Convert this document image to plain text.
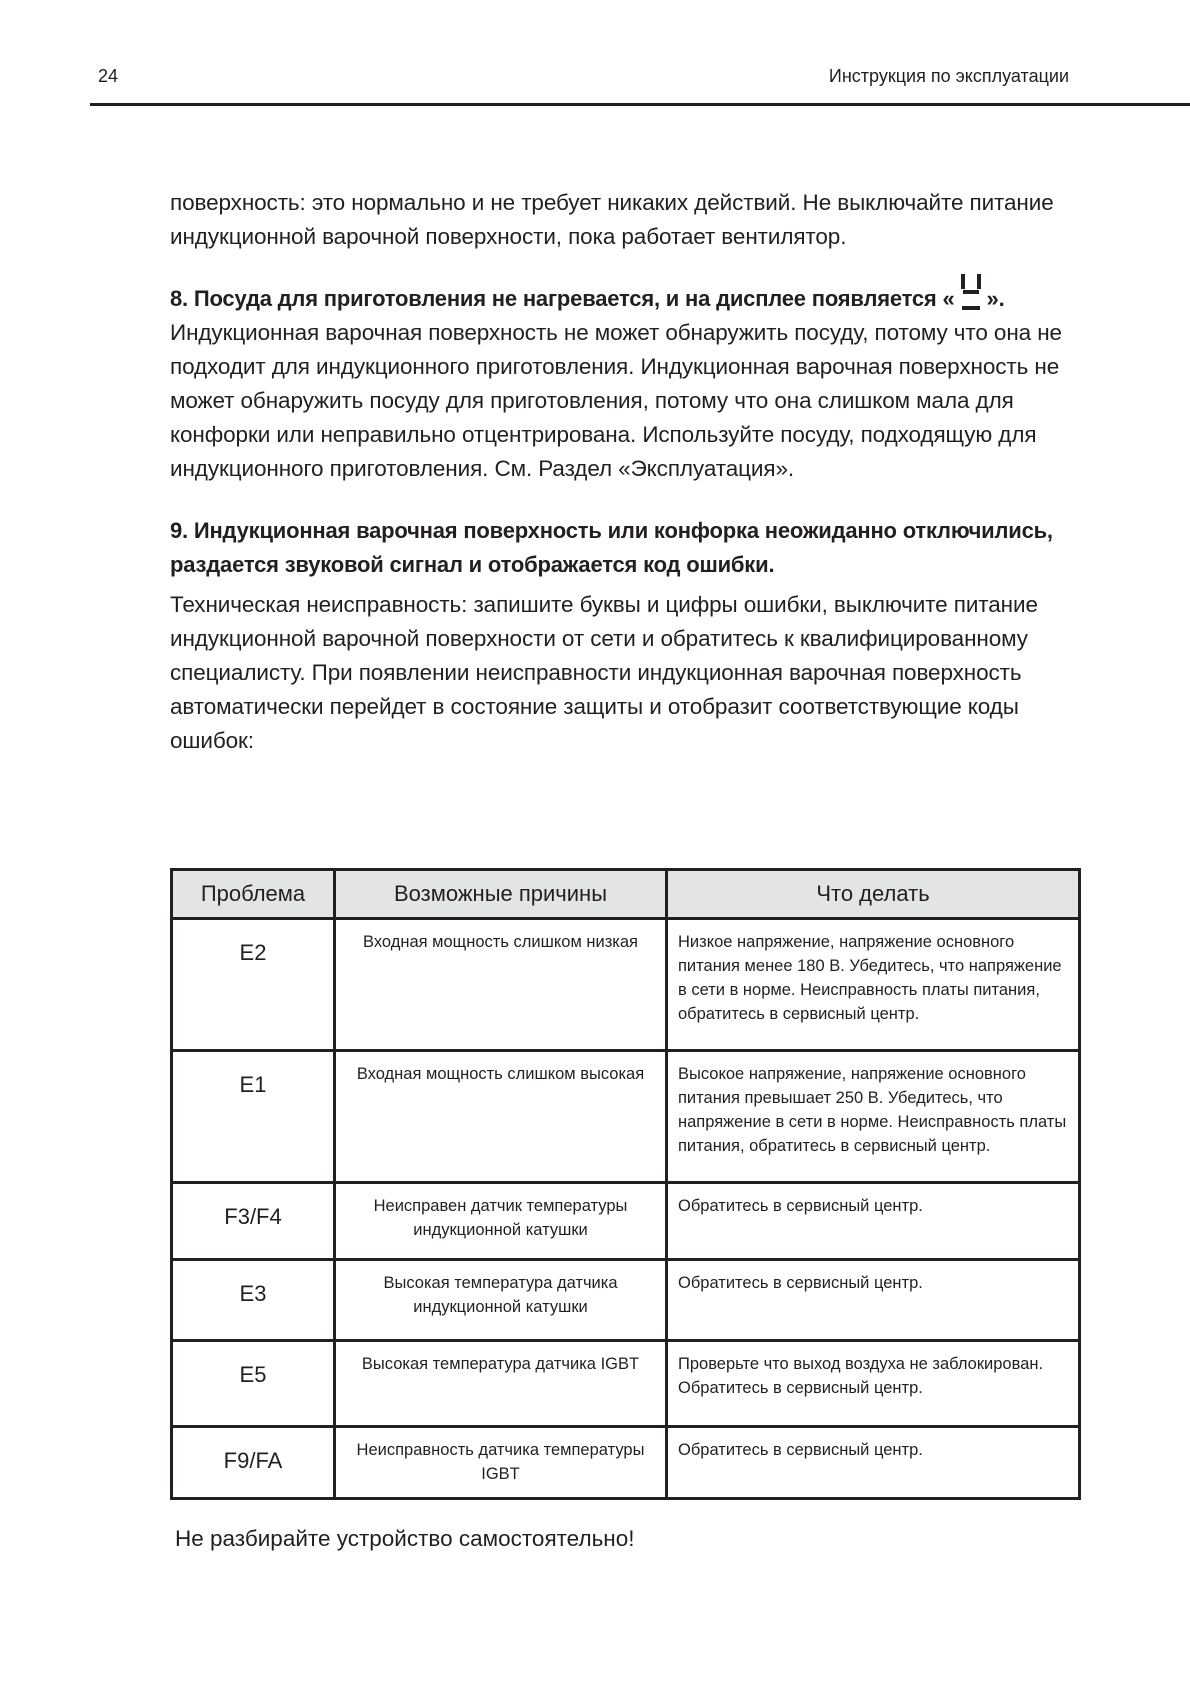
24	Инструкция по эксплуатации

поверхность: это нормально и не требует никаких действий. Не выключайте питание индукционной варочной поверхности, пока работает вентилятор.

8. Посуда для приготовления не нагревается, и на дисплее появляется « ».

Индукционная варочная поверхность не может обнаружить посуду, потому что она не подходит для индукционного приготовления. Индукционная варочная поверхность не может обнаружить посуду для приготовления, потому что она слишком мала для конфорки или неправильно отцентрирована. Используйте посуду, подходящую для индукционного приготовления. См. Раздел «Эксплуатация».

9. Индукционная варочная поверхность или конфорка неожиданно отключились, раздается звуковой сигнал и отображается код ошибки.

Техническая неисправность: запишите буквы и цифры ошибки, выключите питание индукционной варочной поверхности от сети и обратитесь к квалифицированному специалисту. При появлении неисправности индукционная варочная поверхность автоматически перейдет в состояние защиты и отобразит соответствующие коды ошибок:

Проблема	Возможные причины	Что делать
E2	Входная мощность слишком низкая	Низкое напряжение, напряжение основного питания менее 180 В. Убедитесь, что напряжение в сети в норме. Неисправность платы питания, обратитесь в сервисный центр.
E1	Входная мощность слишком высокая	Высокое напряжение, напряжение основного питания превышает 250 В. Убедитесь, что напряжение в сети в норме. Неисправность платы питания, обратитесь в сервисный центр.
F3/F4	Неисправен датчик температуры индукционной катушки	Обратитесь в сервисный центр.
E3	Высокая температура датчика индукционной катушки	Обратитесь в сервисный центр.
E5	Высокая температура датчика IGBT	Проверьте что выход воздуха не заблокирован. Обратитесь в сервисный центр.
F9/FA	Неисправность датчика температуры IGBT	Обратитесь в сервисный центр.
Не разбирайте устройство самостоятельно!
